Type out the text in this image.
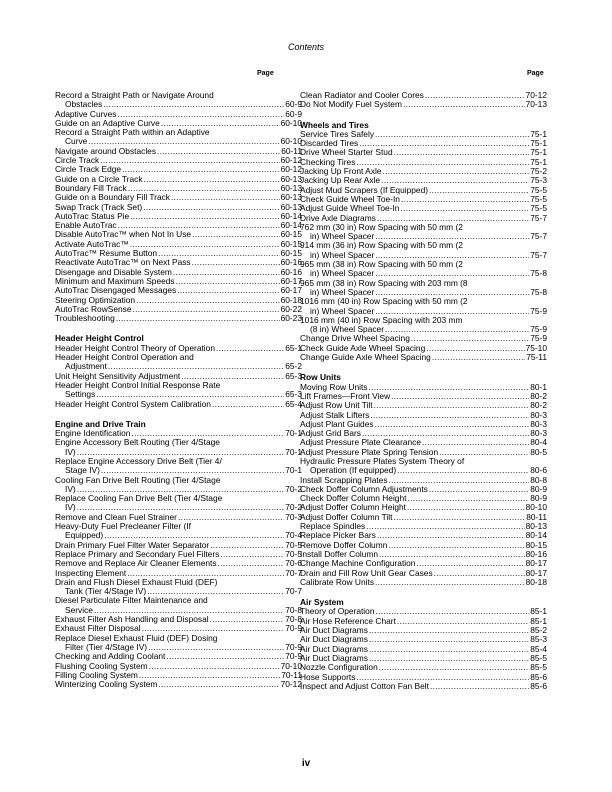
Contents
Page	Page
Record a Straight Path or Navigate Around
Obstacles .....	60-9
Adaptive Curves .....	60-9
Guide on an Adaptive Curve .....	60-10
Record a Straight Path within an Adaptive
Curve .....	60-10
Navigate around Obstacles .....	60-11
Circle Track .....	60-12
Circle Track Edge .....	60-12
Guide on a Circle Track .....	60-13
Boundary Fill Track .....	60-13
Guide on a Boundary Fill Track .....	60-13
Swap Track (Track Set) .....	60-13
AutoTrac Status Pie .....	60-14
Enable AutoTrac .....	60-14
Disable AutoTrac™ when Not In Use .....	60-15
Activate AutoTrac™ .....	60-15
AutoTrac™ Resume Button .....	60-15
Reactivate AutoTrac™ on Next Pass .....	60-16
Disengage and Disable System .....	60-16
Minimum and Maximum Speeds .....	60-17
AutoTrac Disengaged Messages .....	60-17
Steering Optimization .....	60-18
AutoTrac RowSense .....	60-22
Troubleshooting .....	60-23
Header Height Control
Header Height Control Theory of Operation .....	65-1
Header Height Control Operation and
Adjustment .....	65-2
Unit Height Sensitivity Adjustment .....	65-3
Header Height Control Initial Response Rate
Settings .....	65-3
Header Height Control System Calibration .....	65-4
Engine and Drive Train
Engine Identification .....	70-1
Engine Accessory Belt Routing (Tier 4/Stage
IV) .....	70-1
Replace Engine Accessory Drive Belt (Tier 4/
Stage IV) .....	70-1
Cooling Fan Drive Belt Routing (Tier 4/Stage
IV) .....	70-2
Replace Cooling Fan Drive Belt (Tier 4/Stage
IV) .....	70-2
Remove and Clean Fuel Strainer .....	70-3
Heavy-Duty Fuel Precleaner Filter (If
Equipped) .....	70-4
Drain Primary Fuel Filter Water Separator .....	70-5
Replace Primary and Secondary Fuel Filters .....	70-5
Remove and Replace Air Cleaner Elements .....	70-6
Inspecting Element .....	70-7
Drain and Flush Diesel Exhaust Fluid (DEF)
Tank (Tier 4/Stage IV) .....	70-7
Diesel Particulate Filter Maintenance and
Service .....	70-8
Exhaust Filter Ash Handling and Disposal .....	70-8
Exhaust Filter Disposal .....	70-9
Replace Diesel Exhaust Fluid (DEF) Dosing
Filter (Tier 4/Stage IV) .....	70-9
Checking and Adding Coolant .....	70-9
Flushing Cooling System .....	70-10
Filling Cooling System .....	70-11
Winterizing Cooling System .....	70-12
Clean Radiator and Cooler Cores .....	70-12
Do Not Modify Fuel System .....	70-13
Wheels and Tires
Service Tires Safely .....	75-1
Discarded Tires .....	75-1
Drive Wheel Starter Stud .....	75-1
Checking Tires .....	75-1
Jacking Up Front Axle .....	75-2
Jacking Up Rear Axle .....	75-3
Adjust Mud Scrapers (If Equipped) .....	75-5
Check Guide Wheel Toe-In .....	75-5
Adjust Guide Wheel Toe-In .....	75-5
Drive Axle Diagrams .....	75-7
762 mm (30 in) Row Spacing with 50 mm (2
in) Wheel Spacer .....	75-7
914 mm (36 in) Row Spacing with 50 mm (2
in) Wheel Spacer .....	75-7
965 mm (38 in) Row Spacing with 50 mm (2
in) Wheel Spacer .....	75-8
965 mm (38 in) Row Spacing with 203 mm (8
in) Wheel Spacer .....	75-8
1016 mm (40 in) Row Spacing with 50 mm (2
in) Wheel Spacer .....	75-9
1016 mm (40 in) Row Spacing with 203 mm
(8 in) Wheel Spacer .....	75-9
Change Drive Wheel Spacing .....	75-9
Check Guide Axle Wheel Spacing .....	75-10
Change Guide Axle Wheel Spacing .....	75-11
Row Units
Moving Row Units .....	80-1
Lift Frames—Front View .....	80-2
Adjust Row Unit Tilt .....	80-2
Adjust Stalk Lifters .....	80-3
Adjust Plant Guides .....	80-3
Adjust Grid Bars .....	80-3
Adjust Pressure Plate Clearance .....	80-4
Adjust Pressure Plate Spring Tension .....	80-5
Hydraulic Pressure Plates System Theory of
Operation (If equipped) .....	80-6
Install Scrapping Plates .....	80-8
Check Doffer Column Adjustments .....	80-9
Check Doffer Column Height .....	80-9
Adjust Doffer Column Height .....	80-10
Adjust Doffer Column Tilt .....	80-11
Replace Spindles .....	80-13
Replace Picker Bars .....	80-14
Remove Doffer Column .....	80-15
Install Doffer Column .....	80-16
Change Machine Configuration .....	80-17
Drain and Fill Row Unit Gear Cases .....	80-17
Calibrate Row Units .....	80-18
Air System
Theory of Operation .....	85-1
Air Hose Reference Chart .....	85-1
Air Duct Diagrams .....	85-2
Air Duct Diagrams .....	85-3
Air Duct Diagrams .....	85-4
Air Duct Diagrams .....	85-5
Nozzle Configuration .....	85-5
Hose Supports .....	85-6
Inspect and Adjust Cotton Fan Belt .....	85-6
iv
